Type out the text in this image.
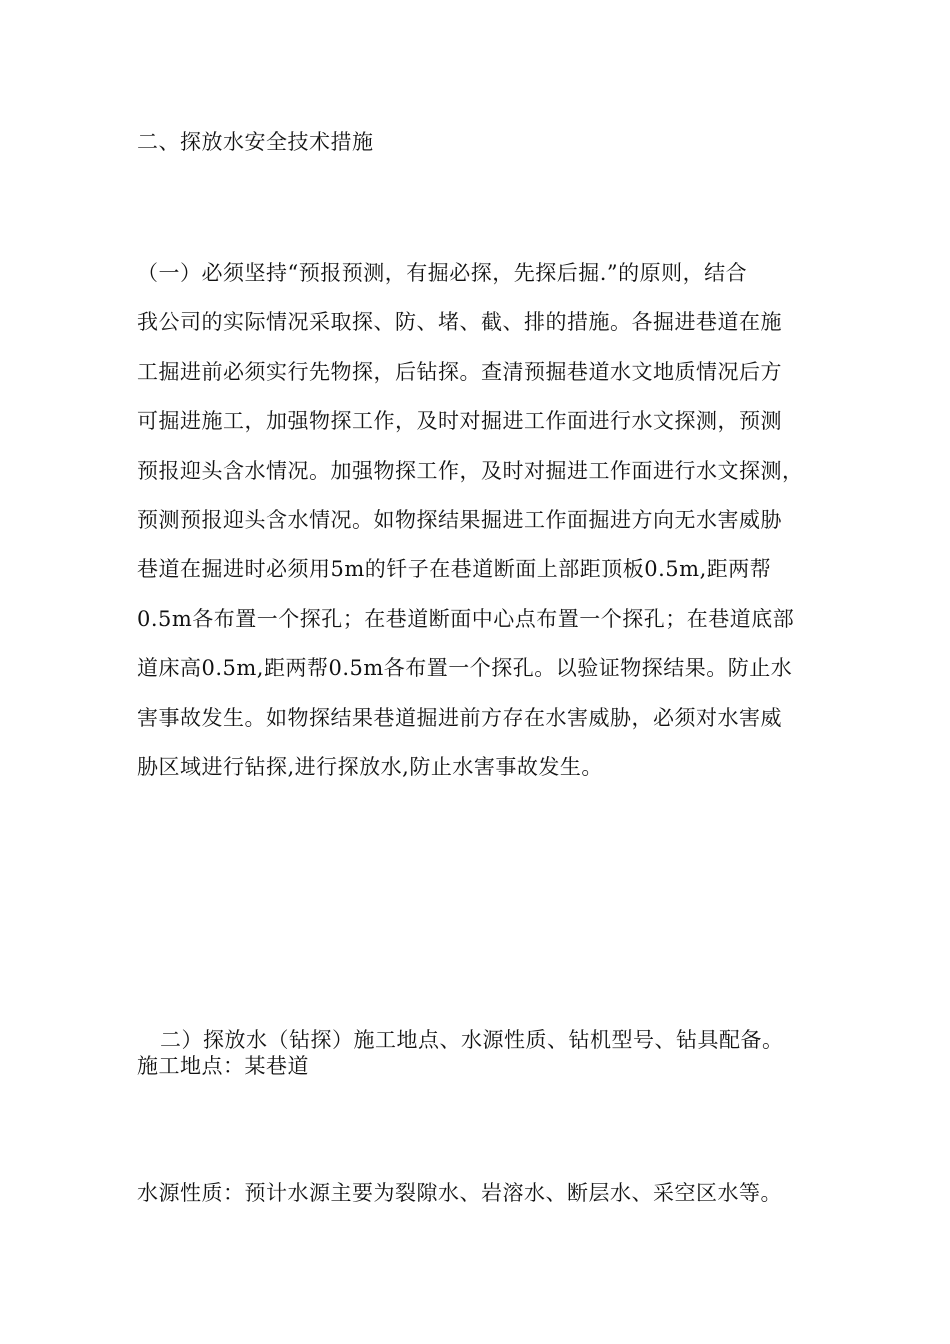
二、探放水安全技术措施
（一）必须坚持“预报预测，有掘必探，先探后掘.”的原则，结合
我公司的实际情况采取探、防、堵、截、排的措施。各掘进巷道在施
工掘进前必须实行先物探，后钻探。查清预掘巷道水文地质情况后方
可掘进施工，加强物探工作，及时对掘进工作面进行水文探测，预测
预报迎头含水情况。加强物探工作，及时对掘进工作面进行水文探测，
预测预报迎头含水情况。如物探结果掘进工作面掘进方向无水害威胁
巷道在掘进时必须用5m的钎子在巷道断面上部距顶板0.5m,距两帮
0.5m各布置一个探孔；在巷道断面中心点布置一个探孔；在巷道底部
道床高0.5m,距两帮0.5m各布置一个探孔。以验证物探结果。防止水
害事故发生。如物探结果巷道掘进前方存在水害威胁，必须对水害威
胁区域进行钻探,进行探放水,防止水害事故发生。
二）探放水（钻探）施工地点、水源性质、钻机型号、钻具配备。
施工地点：某巷道
水源性质：预计水源主要为裂隙水、岩溶水、断层水、采空区水等。
